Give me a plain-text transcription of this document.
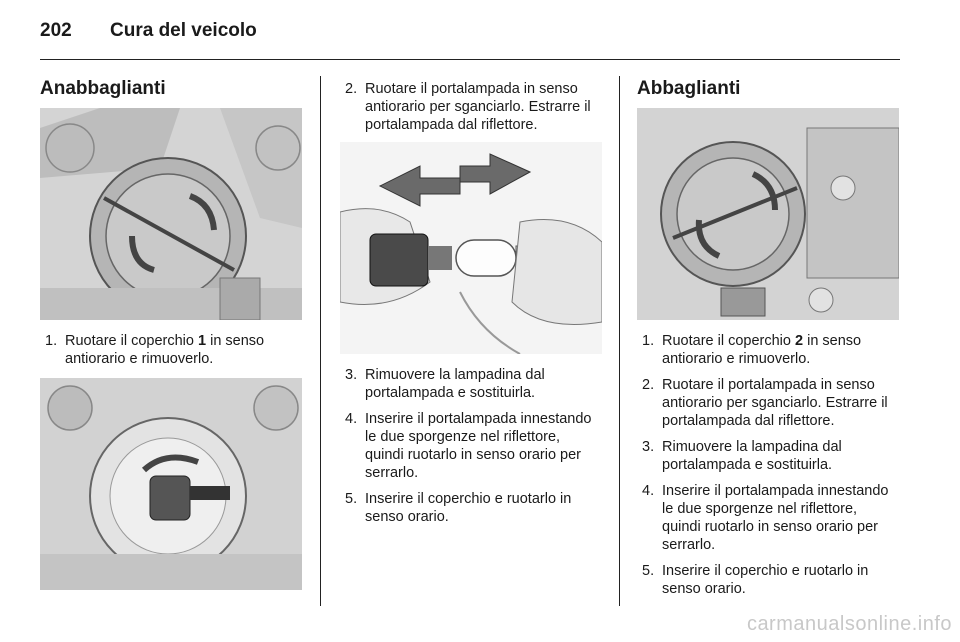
202 Cura del veicolo
Anabbaglianti
1. Ruotare il coperchio 1 in senso antiorario e rimuoverlo.
2. Ruotare il portalampada in senso antiorario per sganciarlo. Estrarre il portalampada dal riflettore.
3. Rimuovere la lampadina dal portalampada e sostituirla.
4. Inserire il portalampada innestando le due sporgenze nel riflettore, quindi ruotarlo in senso orario per serrarlo.
5. Inserire il coperchio e ruotarlo in senso orario.
Abbaglianti
1. Ruotare il coperchio 2 in senso antiorario e rimuoverlo.
2. Ruotare il portalampada in senso antiorario per sganciarlo. Estrarre il portalampada dal riflettore.
3. Rimuovere la lampadina dal portalampada e sostituirla.
4. Inserire il portalampada innestando le due sporgenze nel riflettore, quindi ruotarlo in senso orario per serrarlo.
5. Inserire il coperchio e ruotarlo in senso orario.
carmanualsonline.info
